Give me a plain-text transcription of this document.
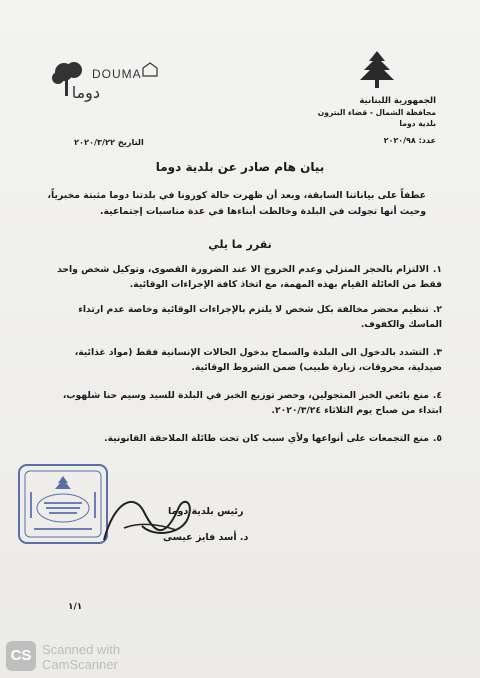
الجمهورية اللبنانية
محافظة الشمال - قضاء البترون
بلدية دوما
عدد: ٢٠٢٠/٩٨
DOUMA
دوما
التاريخ ٢٠٢٠/٣/٢٢
بيان هام صادر عن بلدية دوما
عطفاً على بياناتنا السابقة، وبعد أن ظهرت حالة كورونا في بلدتنا دوما مثبتة مخبرياً، وحيث أنها تجولت في البلدة وخالطت أبناءها في عدة مناسبات إجتماعية.
نقرر ما يلي
١.الالتزام بالحجر المنزلي وعدم الخروج الا عند الضرورة القصوى، وتوكيل شخص واحد فقط من العائلة القيام بهذه المهمة، مع اتخاذ كافة الإجراءات الوقائية.
٢.تنظيم محضر مخالفة بكل شخص لا يلتزم بالإجراءات الوقائية وخاصة عدم ارتداء الماسك والكفوف.
٣.التشدد بالدخول الى البلدة والسماح بدخول الحالات الإنسانية فقط (مواد غذائية، صيدلية، محروقات، زيارة طبيب) ضمن الشروط الوقائية.
٤.منع بائعي الخبز المتجولين، وحصر توزيع الخبز في البلدة للسيد وسيم حنا شلهوب، ابتداء من صباح يوم الثلاثاء ٢٠٢٠/٣/٢٤.
٥.منع التجمعات على أنواعها ولأي سبب كان تحت طائلة الملاحقة القانونية.
رئيس بلدية دوما
د. أسد فايز عيسى
١/١
CS Scanned with
CamScanner
